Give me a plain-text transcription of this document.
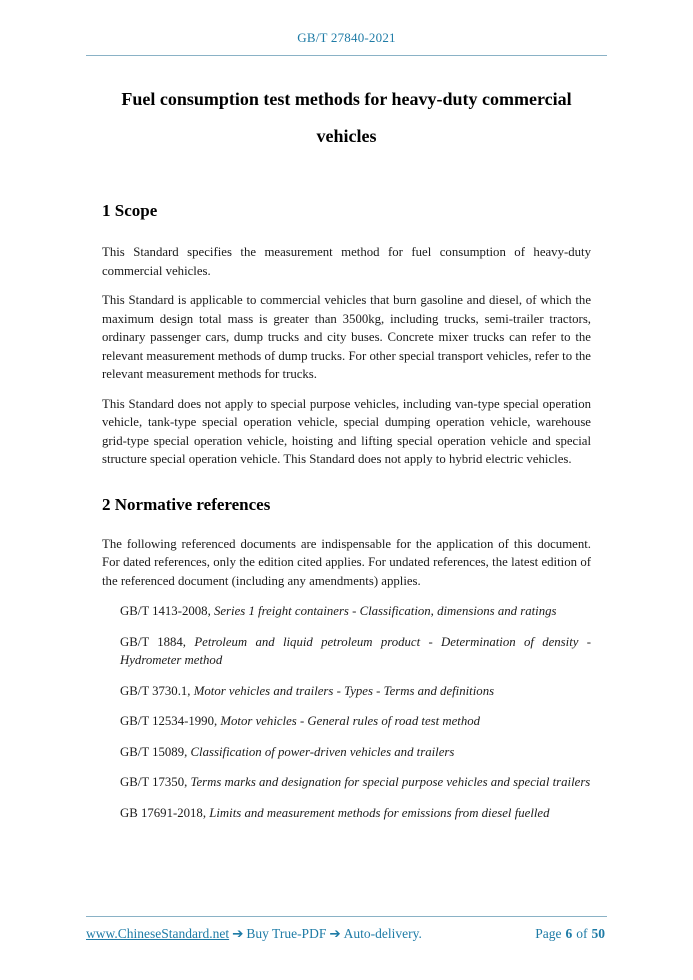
GB/T 27840-2021
Fuel consumption test methods for heavy-duty commercial
vehicles
1 Scope

This Standard specifies the measurement method for fuel consumption of heavy-duty commercial vehicles.

This Standard is applicable to commercial vehicles that burn gasoline and diesel, of which the maximum design total mass is greater than 3500kg, including trucks, semi-trailer tractors, ordinary passenger cars, dump trucks and city buses. Concrete mixer trucks can refer to the relevant measurement methods of dump trucks. For other special transport vehicles, refer to the relevant measurement methods for trucks.

This Standard does not apply to special purpose vehicles, including van-type special operation vehicle, tank-type special operation vehicle, special dumping operation vehicle, warehouse grid-type special operation vehicle, hoisting and lifting special operation vehicle and special structure special operation vehicle. This Standard does not apply to hybrid electric vehicles.

2 Normative references

The following referenced documents are indispensable for the application of this document. For dated references, only the edition cited applies. For undated references, the latest edition of the referenced document (including any amendments) applies.

GB/T 1413-2008, Series 1 freight containers - Classification, dimensions and ratings

GB/T 1884, Petroleum and liquid petroleum product - Determination of density - Hydrometer method

GB/T 3730.1, Motor vehicles and trailers - Types - Terms and definitions

GB/T 12534-1990, Motor vehicles - General rules of road test method

GB/T 15089, Classification of power-driven vehicles and trailers

GB/T 17350, Terms marks and designation for special purpose vehicles and special trailers

GB 17691-2018, Limits and measurement methods for emissions from diesel fuelled

www.ChineseStandard.net ➔ Buy True-PDF ➔ Auto-delivery.	Page 6 of 50
